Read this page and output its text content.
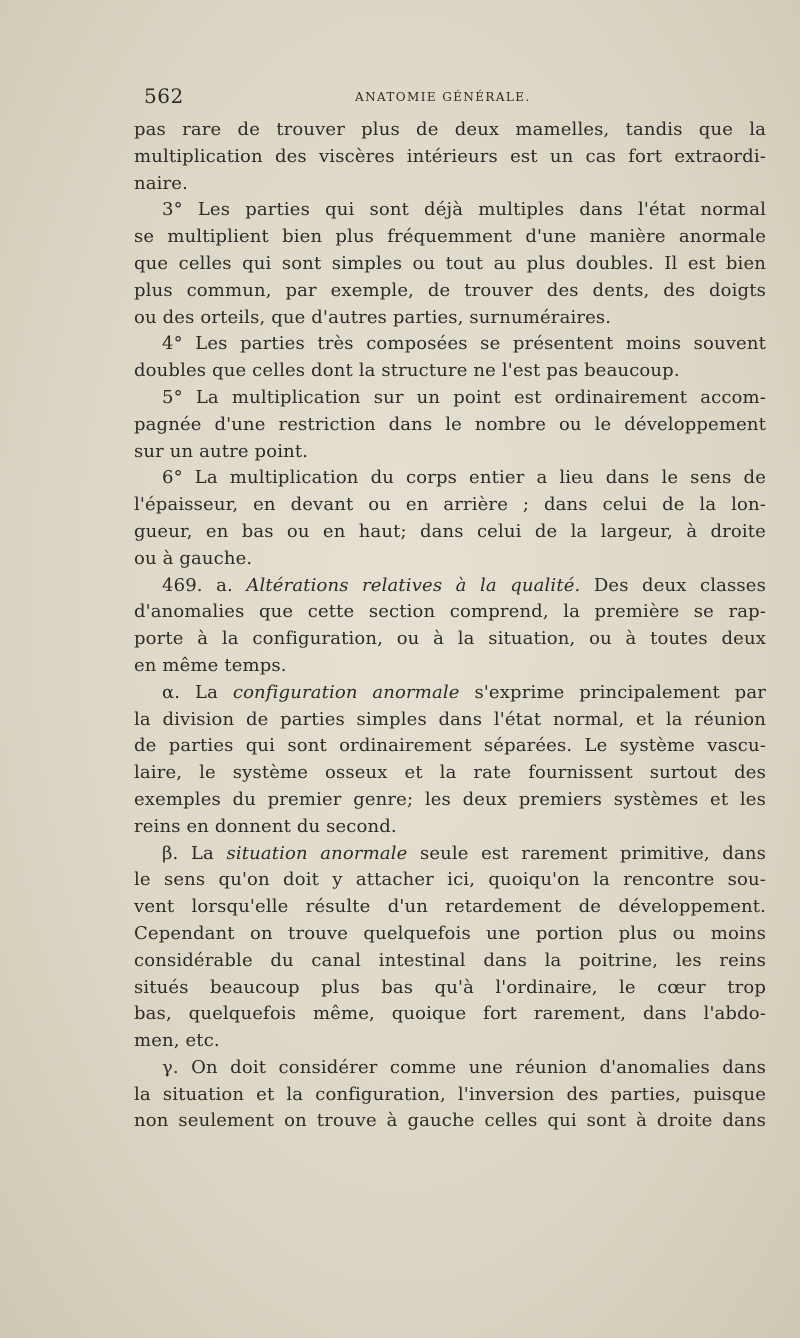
562	ANATOMIE GÉNÉRALE.
pas rare de trouver plus de deux mamelles, tandis que la
multiplication des viscères intérieurs est un cas fort extraordi-
naire.
3° Les parties qui sont déjà multiples dans l'état normal
se multiplient bien plus fréquemment d'une manière anormale
que celles qui sont simples ou tout au plus doubles. Il est bien
plus commun, par exemple, de trouver des dents, des doigts
ou des orteils, que d'autres parties, surnuméraires.
4° Les parties très composées se présentent moins souvent
doubles que celles dont la structure ne l'est pas beaucoup.
5° La multiplication sur un point est ordinairement accom-
pagnée d'une restriction dans le nombre ou le développement
sur un autre point.
6° La multiplication du corps entier a lieu dans le sens de
l'épaisseur, en devant ou en arrière ; dans celui de la lon-
gueur, en bas ou en haut; dans celui de la largeur, à droite
ou à gauche.
469. a. Altérations relatives à la qualité. Des deux classes
d'anomalies que cette section comprend, la première se rap-
porte à la configuration, ou à la situation, ou à toutes deux
en même temps.
α. La configuration anormale s'exprime principalement par
la division de parties simples dans l'état normal, et la réunion
de parties qui sont ordinairement séparées. Le système vascu-
laire, le système osseux et la rate fournissent surtout des
exemples du premier genre; les deux premiers systèmes et les
reins en donnent du second.
β. La situation anormale seule est rarement primitive, dans
le sens qu'on doit y attacher ici, quoiqu'on la rencontre sou-
vent lorsqu'elle résulte d'un retardement de développement.
Cependant on trouve quelquefois une portion plus ou moins
considérable du canal intestinal dans la poitrine, les reins
situés beaucoup plus bas qu'à l'ordinaire, le cœur trop
bas, quelquefois même, quoique fort rarement, dans l'abdo-
men, etc.
γ. On doit considérer comme une réunion d'anomalies dans
la situation et la configuration, l'inversion des parties, puisque
non seulement on trouve à gauche celles qui sont à droite dans
